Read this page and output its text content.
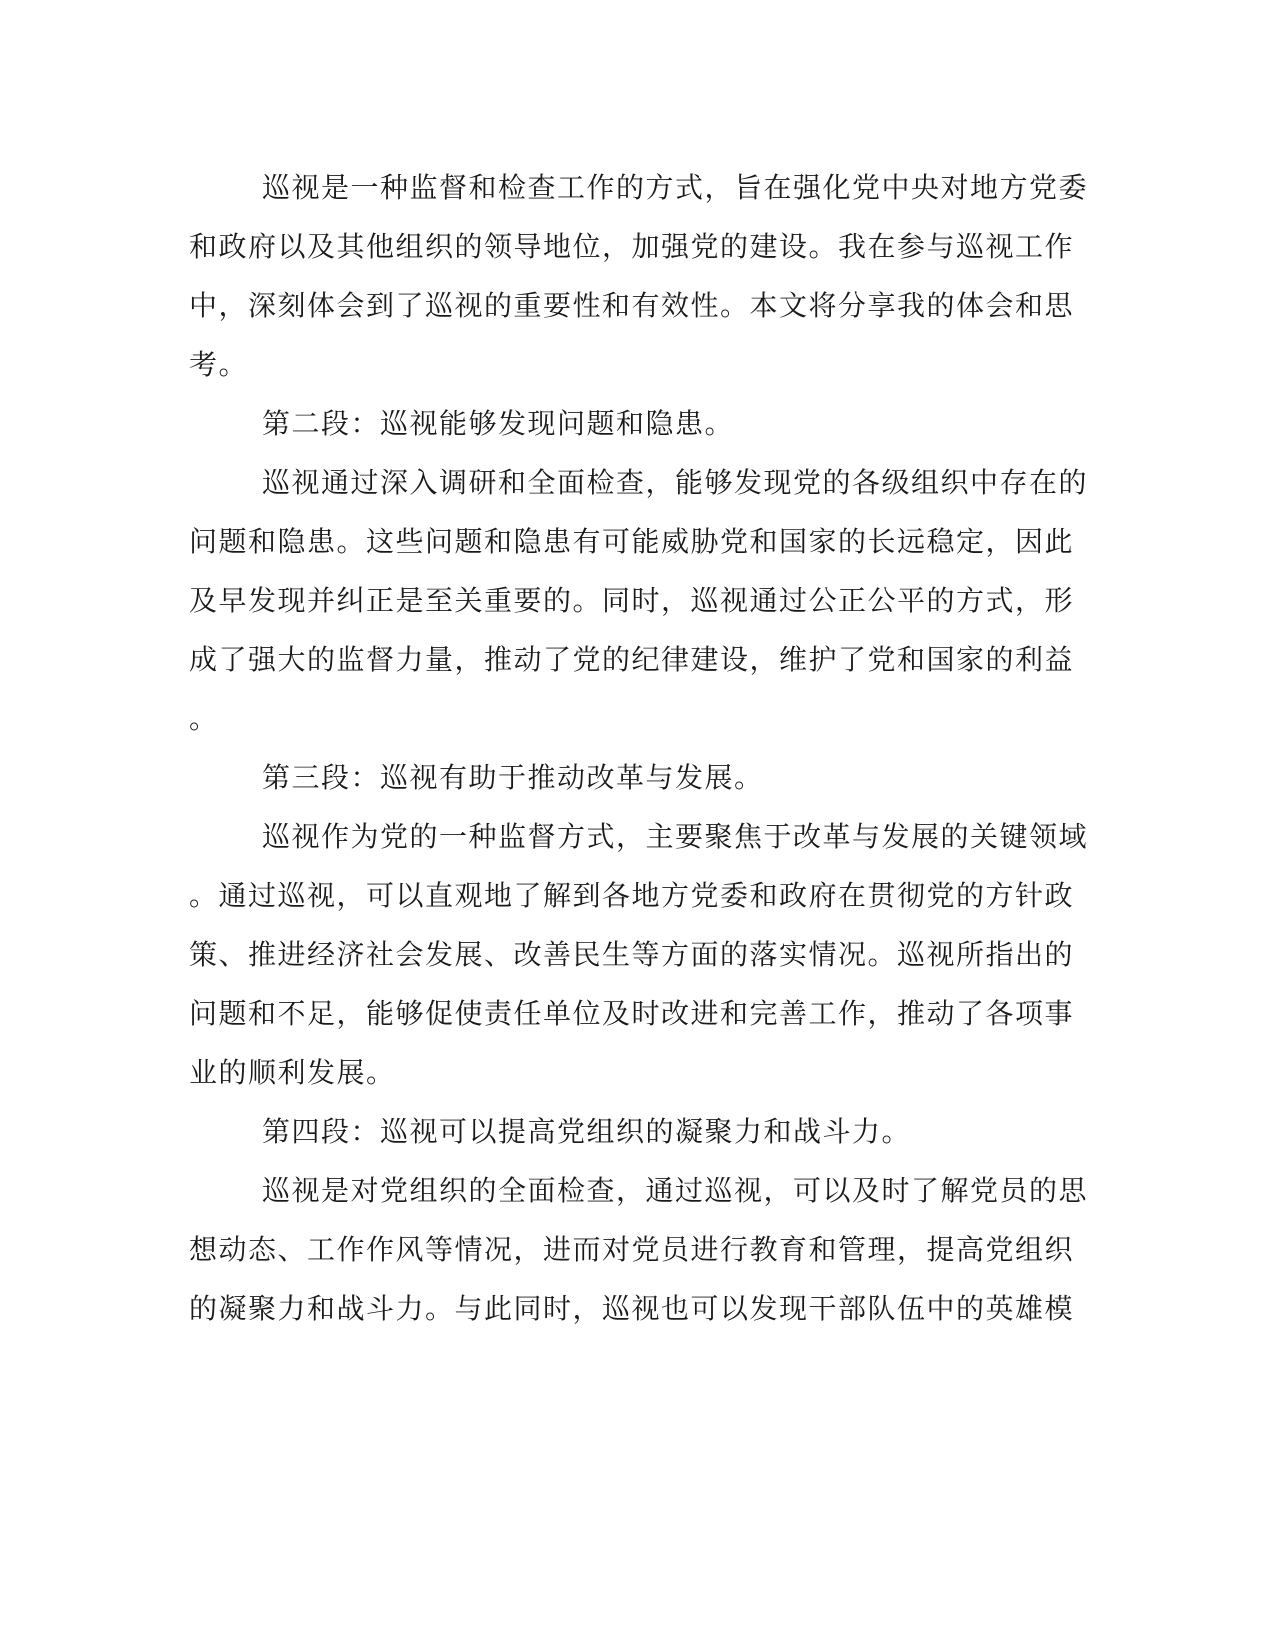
巡视是一种监督和检查工作的方式，旨在强化党中央对地方党委

和政府以及其他组织的领导地位，加强党的建设。我在参与巡视工作

中，深刻体会到了巡视的重要性和有效性。本文将分享我的体会和思

考。

第二段：巡视能够发现问题和隐患。

巡视通过深入调研和全面检查，能够发现党的各级组织中存在的

问题和隐患。这些问题和隐患有可能威胁党和国家的长远稳定，因此

及早发现并纠正是至关重要的。同时，巡视通过公正公平的方式，形

成了强大的监督力量，推动了党的纪律建设，维护了党和国家的利益

。

第三段：巡视有助于推动改革与发展。

巡视作为党的一种监督方式，主要聚焦于改革与发展的关键领域

。通过巡视，可以直观地了解到各地方党委和政府在贯彻党的方针政

策、推进经济社会发展、改善民生等方面的落实情况。巡视所指出的

问题和不足，能够促使责任单位及时改进和完善工作，推动了各项事

业的顺利发展。

第四段：巡视可以提高党组织的凝聚力和战斗力。

巡视是对党组织的全面检查，通过巡视，可以及时了解党员的思

想动态、工作作风等情况，进而对党员进行教育和管理，提高党组织

的凝聚力和战斗力。与此同时，巡视也可以发现干部队伍中的英雄模
